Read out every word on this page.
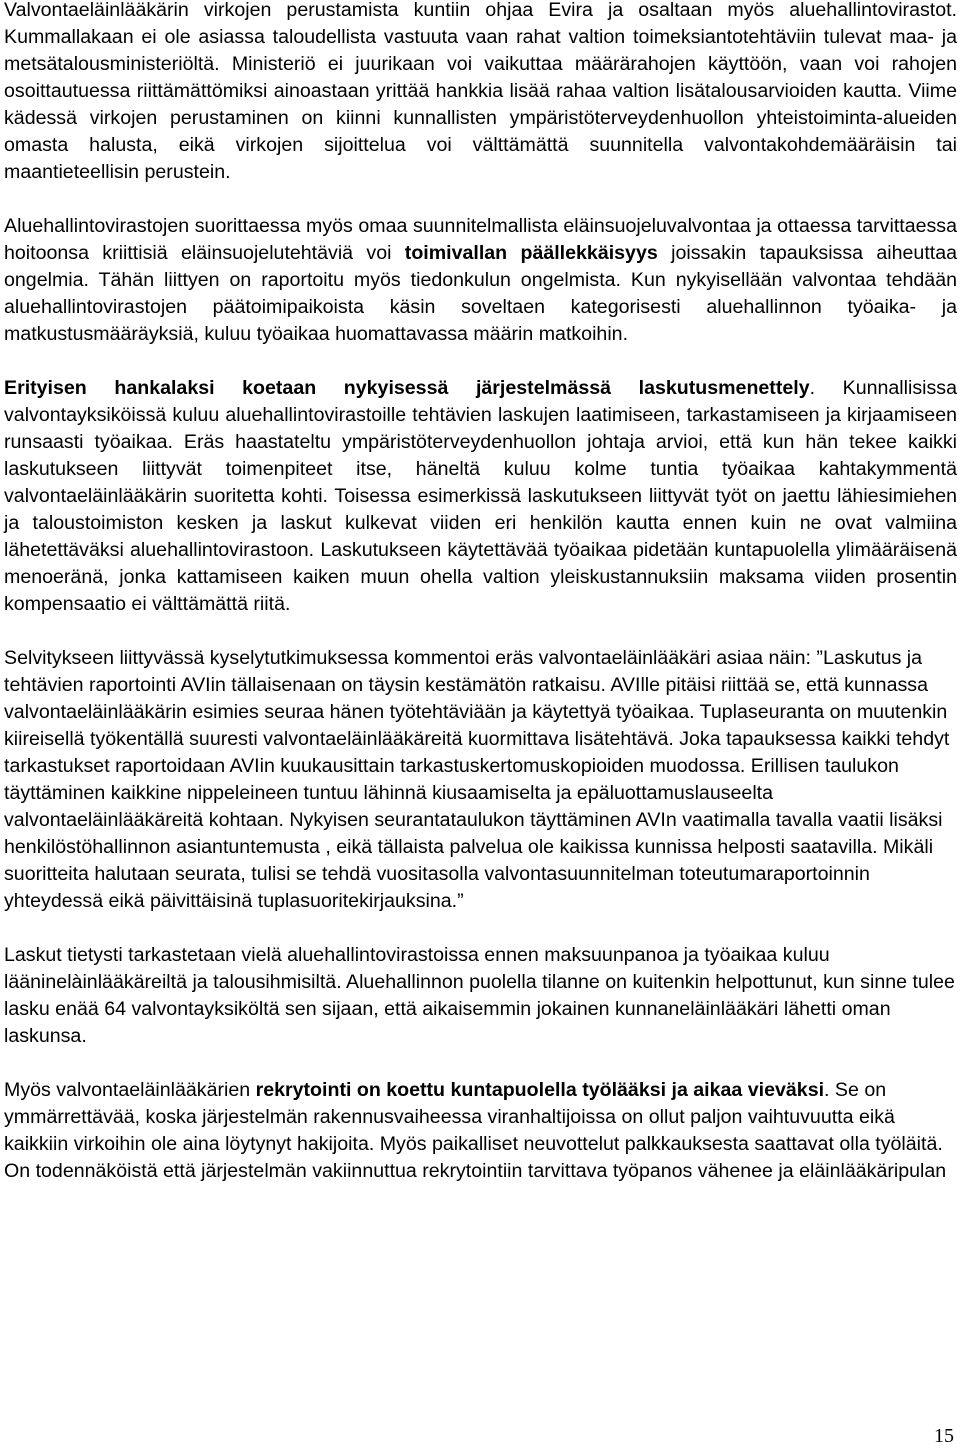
Valvontaeläinlääkärin virkojen perustamista kuntiin ohjaa Evira ja osaltaan myös aluehallintovirastot. Kummallakaan ei ole asiassa taloudellista vastuuta vaan rahat valtion toimeksiantotehtäviin tulevat maa- ja metsätalousministeriöltä. Ministeriö ei juurikaan voi vaikuttaa määrärahojen käyttöön, vaan voi rahojen osoittautuessa riittämättömiksi ainoastaan yrittää hankkia lisää rahaa valtion lisätalousarvioiden kautta. Viime kädessä virkojen perustaminen on kiinni kunnallisten ympäristöterveydenhuollon yhteistoiminta-alueiden omasta halusta, eikä virkojen sijoittelua voi välttämättä suunnitella valvontakohdemääräisin tai maantieteellisin perustein.

Aluehallintovirastojen suorittaessa myös omaa suunnitelmallista eläinsuojeluvalvontaa ja ottaessa tarvittaessa hoitoonsa kriittisiä eläinsuojelutehtäviä voi toimivallan päällekkäisyys joissakin tapauksissa aiheuttaa ongelmia. Tähän liittyen on raportoitu myös tiedonkulun ongelmista. Kun nykyisellään valvontaa tehdään aluehallintovirastojen päätoimipaikoista käsin soveltaen kategorisesti aluehallinnon työaika- ja matkustusmääräyksiä, kuluu työaikaa huomattavassa määrin matkoihin.

Erityisen hankalaksi koetaan nykyisessä järjestelmässä laskutusmenettely. Kunnallisissa valvontayksiköissä kuluu aluehallintovirastoille tehtävien laskujen laatimiseen, tarkastamiseen ja kirjaamiseen runsaasti työaikaa. Eräs haastateltu ympäristöterveydenhuollon johtaja arvioi, että kun hän tekee kaikki laskutukseen liittyvät toimenpiteet itse, häneltä kuluu kolme tuntia työaikaa kahtakymmentä valvontaeläinlääkärin suoritetta kohti. Toisessa esimerkissä laskutukseen liittyvät työt on jaettu lähiesimiehen ja taloustoimiston kesken ja laskut kulkevat viiden eri henkilön kautta ennen kuin ne ovat valmiina lähetettäväksi aluehallintovirastoon. Laskutukseen käytettävää työaikaa pidetään kuntapuolella ylimääräisenä menoeränä, jonka kattamiseen kaiken muun ohella valtion yleiskustannuksiin maksama viiden prosentin kompensaatio ei välttämättä riitä.

Selvitykseen liittyvässä kyselytutkimuksessa kommentoi eräs valvontaeläinlääkäri asiaa näin: ”Laskutus ja tehtävien raportointi AVIin tällaisenaan on täysin kestämätön ratkaisu. AVIlle pitäisi riittää se, että kunnassa valvontaeläinlääkärin esimies seuraa hänen työtehtäviään ja käytettyä työaikaa. Tuplaseuranta on muutenkin kiireisellä työkentällä suuresti valvontaeläinlääkäreitä kuormittava lisätehtävä. Joka tapauksessa kaikki tehdyt tarkastukset raportoidaan AVIin kuukausittain tarkastuskertomuskopioiden muodossa. Erillisen taulukon täyttäminen kaikkine nippeleineen tuntuu lähinnä kiusaamiselta ja epäluottamuslauseelta valvontaeläinlääkäreitä kohtaan. Nykyisen seurantataulukon täyttäminen AVIn vaatimalla tavalla vaatii lisäksi henkilöstöhallinnon asiantuntemusta , eikä tällaista palvelua ole kaikissa kunnissa helposti saatavilla. Mikäli suoritteita halutaan seurata, tulisi se tehdä vuositasolla valvontasuunnitelman toteutumaraportoinnin yhteydessä eikä päivittäisinä tuplasuoritekirjauksina.”

Laskut tietysti tarkastetaan vielä aluehallintovirastoissa ennen maksuunpanoa ja työaikaa kuluu lääninelàinlääkäreiltä ja talousihmisiltä. Aluehallinnon puolella tilanne on kuitenkin helpottunut, kun sinne tulee lasku enää 64 valvontayksiköltä sen sijaan, että aikaisemmin jokainen kunnaneläinlääkäri lähetti oman laskunsa.

Myös valvontaeläinlääkärien rekrytointi on koettu kuntapuolella työlääksi ja aikaa vieväksi. Se on ymmärrettävää, koska järjestelmän rakennusvaiheessa viranhaltijoissa on ollut paljon vaihtuvuutta eikä kaikkiin virkoihin ole aina löytynyt hakijoita. Myös paikalliset neuvottelut palkkauksesta saattavat olla työläitä. On todennäköistä että järjestelmän vakiinnuttua rekrytointiin tarvittava työpanos vähenee ja eläinlääkäripulan

15
